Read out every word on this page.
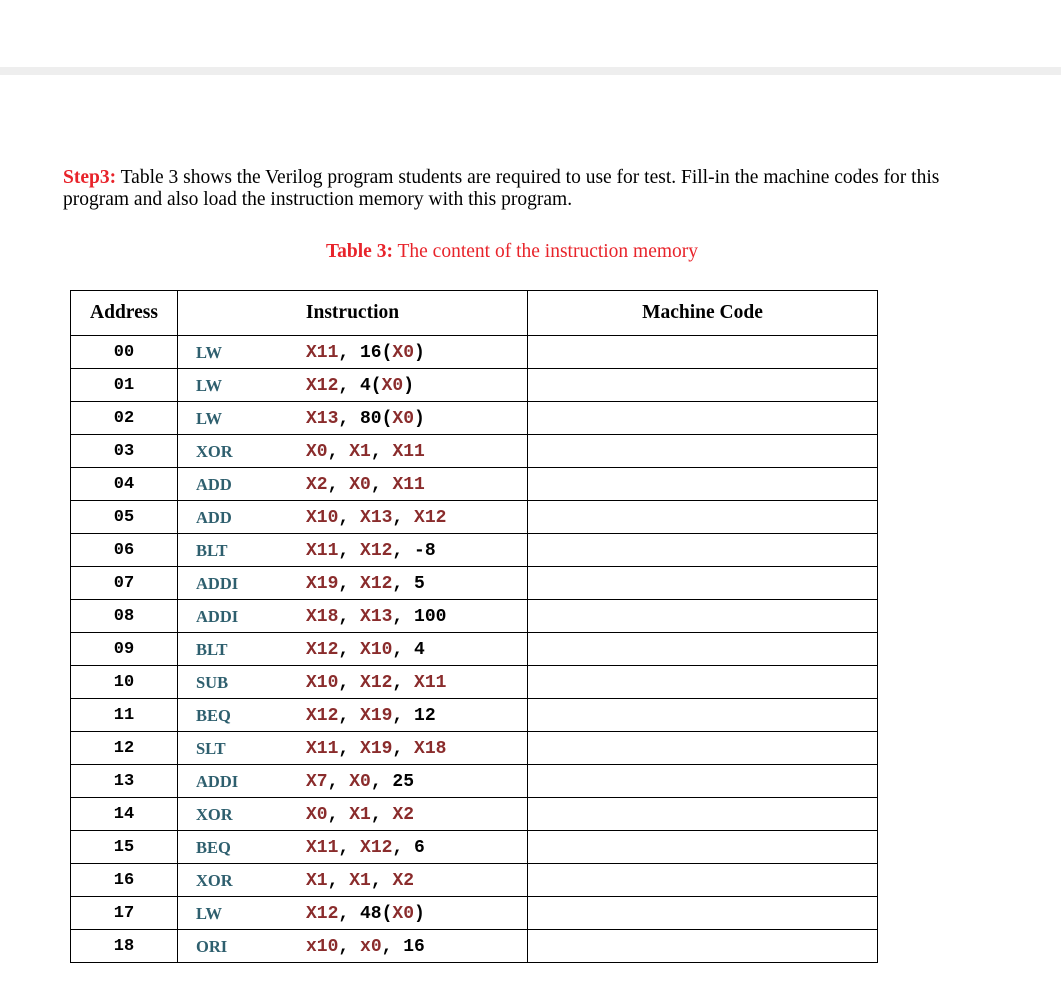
Step3: Table 3 shows the Verilog program students are required to use for test. Fill-in the machine codes for this program and also load the instruction memory with this program.

Table 3: The content of the instruction memory
Address	Instruction	Machine Code
00	LW X11, 16(X0)	

01	LW X12, 4(X0)	

02	LW X13, 80(X0)	

03	XOR X0, X1, X11	

04	ADD X2, X0, X11	

05	ADD X10, X13, X12	

06	BLT X11, X12, -8	

07	ADDI X19, X12, 5	

08	ADDI X18, X13, 100	

09	BLT X12, X10, 4	

10	SUB X10, X12, X11	

11	BEQ X12, X19, 12	

12	SLT X11, X19, X18	

13	ADDI X7, X0, 25	

14	XOR X0, X1, X2	

15	BEQ X11, X12, 6	

16	XOR X1, X1, X2	

17	LW X12, 48(X0)	

18	ORI x10, x0, 16	
